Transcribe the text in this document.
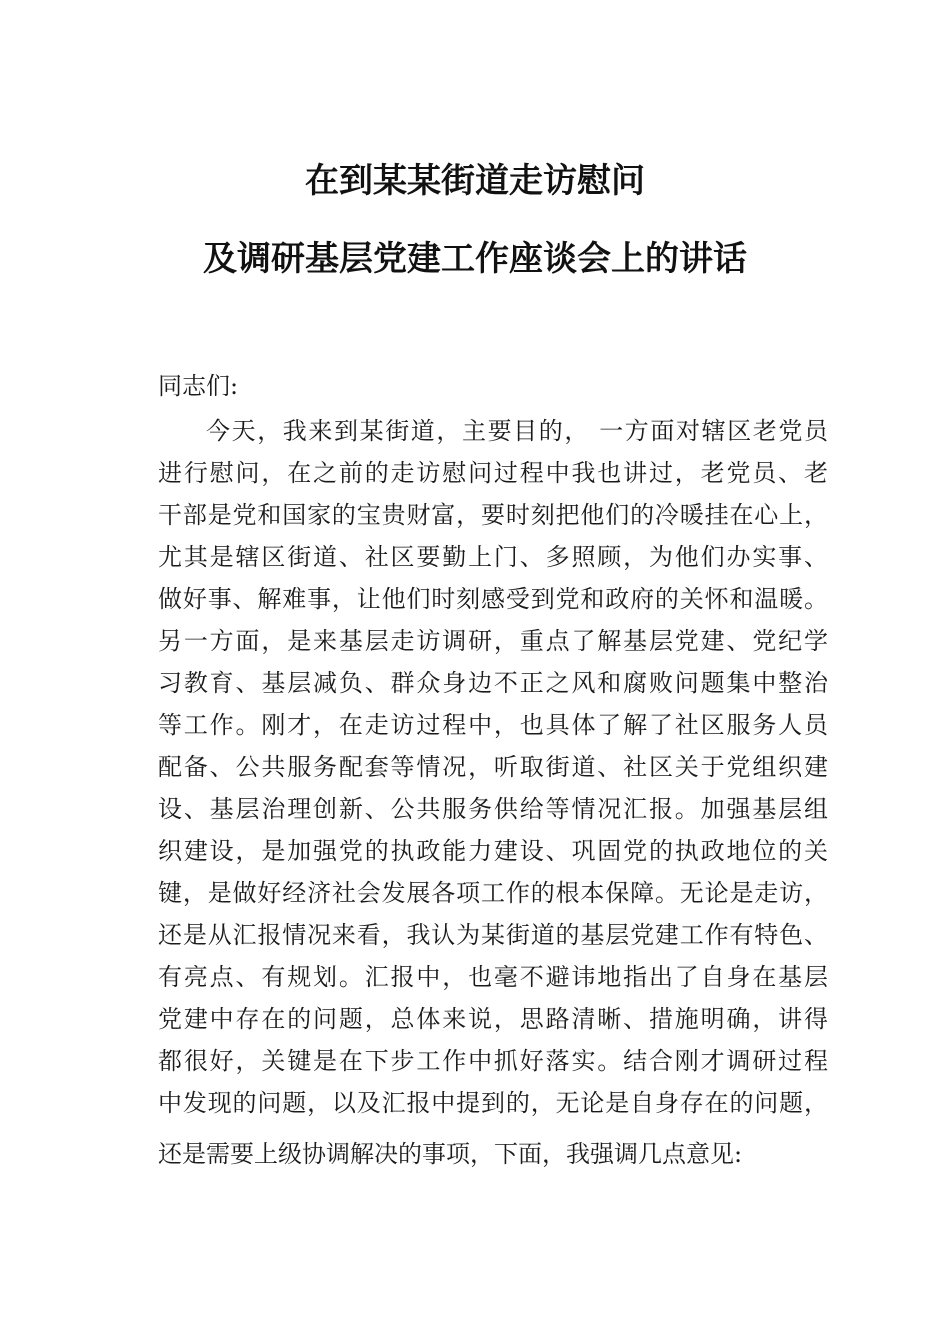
在到某某街道走访慰问
及调研基层党建工作座谈会上的讲话
同志们:
今天，我来到某街道，主要目的， 一方面对辖区老党员
进行慰问，在之前的走访慰问过程中我也讲过，老党员、老
干部是党和国家的宝贵财富，要时刻把他们的冷暖挂在心上，
尤其是辖区街道、社区要勤上门、多照顾，为他们办实事、
做好事、解难事，让他们时刻感受到党和政府的关怀和温暖。
另一方面，是来基层走访调研，重点了解基层党建、党纪学
习教育、基层减负、群众身边不正之风和腐败问题集中整治
等工作。刚才，在走访过程中，也具体了解了社区服务人员
配备、公共服务配套等情况，听取街道、社区关于党组织建
设、基层治理创新、公共服务供给等情况汇报。加强基层组
织建设，是加强党的执政能力建设、巩固党的执政地位的关
键，是做好经济社会发展各项工作的根本保障。无论是走访，
还是从汇报情况来看，我认为某街道的基层党建工作有特色、
有亮点、有规划。汇报中，也毫不避讳地指出了自身在基层
党建中存在的问题，总体来说，思路清晰、措施明确，讲得
都很好，关键是在下步工作中抓好落实。结合刚才调研过程
中发现的问题，以及汇报中提到的，无论是自身存在的问题，
还是需要上级协调解决的事项，下面，我强调几点意见:
